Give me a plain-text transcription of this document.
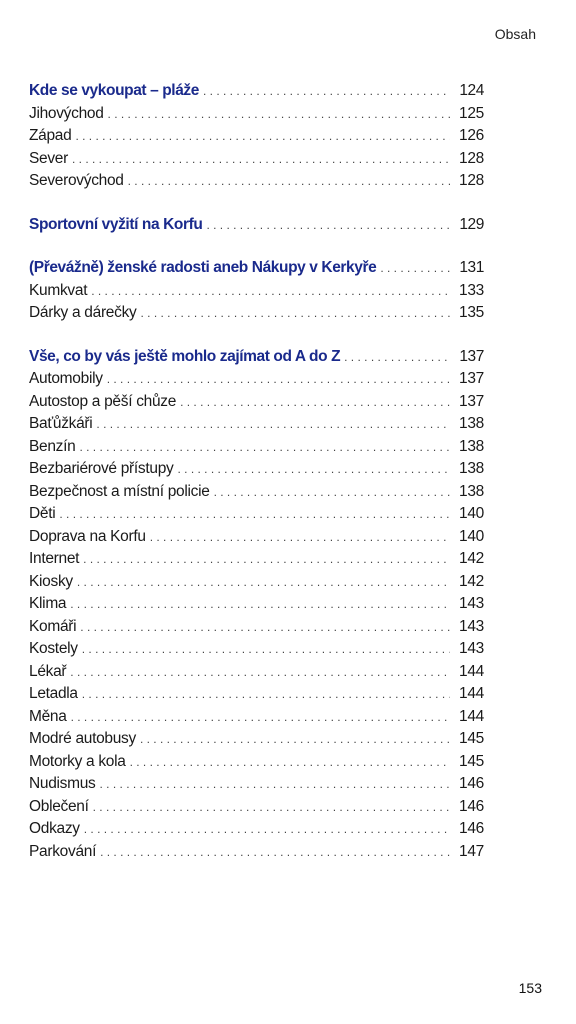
Obsah
Kde se vykoupat – pláže . . .	124
Jihovýchod . . .	125
Západ . . .	126
Sever . . .	128
Severovýchod . . .	128
Sportovní vyžití na Korfu . . .	129
(Převážně) ženské radosti aneb Nákupy v Kerkyře . . .	131
Kumkvat . . .	133
Dárky a dárečky . . .	135
Vše, co by vás ještě mohlo zajímat od A do Z . . .	137
Automobily . . .	137
Autostop a pěší chůze . . .	137
Baťůžkáři . . .	138
Benzín . . .	138
Bezbariérové přístupy . . .	138
Bezpečnost a místní policie . . .	138
Děti . . .	140
Doprava na Korfu . . .	140
Internet . . .	142
Kiosky . . .	142
Klima . . .	143
Komáři . . .	143
Kostely . . .	143
Lékař . . .	144
Letadla . . .	144
Měna . . .	144
Modré autobusy . . .	145
Motorky a kola . . .	145
Nudismus . . .	146
Oblečení . . .	146
Odkazy . . .	146
Parkování . . .	147
153
